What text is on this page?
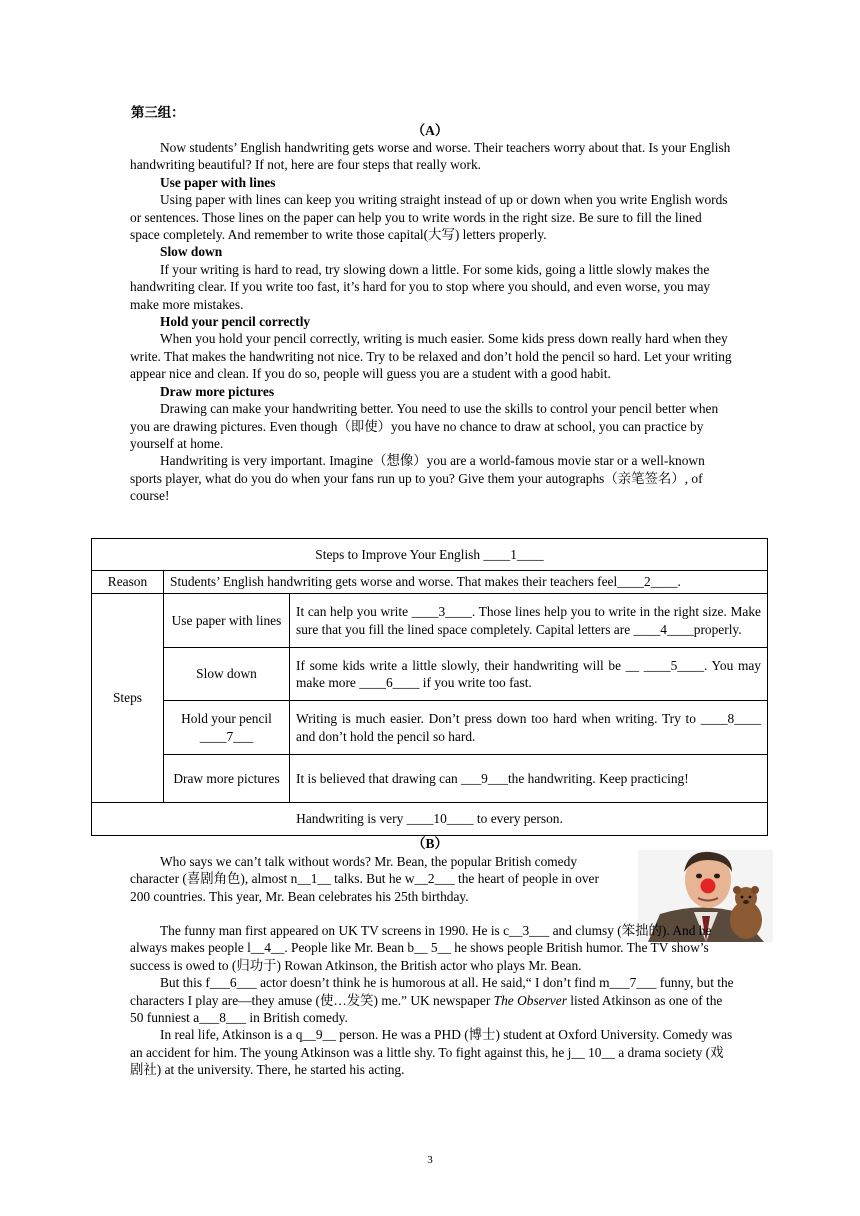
第三组：
（A）

Now students’ English handwriting gets worse and worse. Their teachers worry about that. Is your English handwriting beautiful? If not, here are four steps that really work.

Use paper with lines

Using paper with lines can keep you writing straight instead of up or down when you write English words or sentences. Those lines on the paper can help you to write words in the right size. Be sure to fill the lined space completely. And remember to write those capital(大写) letters properly.

Slow down

If your writing is hard to read, try slowing down a little. For some kids, going a little slowly makes the handwriting clear. If you write too fast, it’s hard for you to stop where you should, and even worse, you may make more mistakes.

Hold your pencil correctly

When you hold your pencil correctly, writing is much easier. Some kids press down really hard when they write. That makes the handwriting not nice. Try to be relaxed and don’t hold the pencil so hard. Let your writing appear nice and clean. If you do so, people will guess you are a student with a good habit.

Draw more pictures

Drawing can make your handwriting better. You need to use the skills to control your pencil better when you are drawing pictures. Even though（即使）you have no chance to draw at school, you can practice by yourself at home.

Handwriting is very important. Imagine（想像）you are a world-famous movie star or a well-known sports player, what do you do when your fans run up to you? Give them your autographs（亲笔签名）, of course!

Steps to Improve Your English ____1____		
Reason	Students’ English handwriting gets worse and worse. That makes their teachers feel____2____.	
Steps	Use paper with lines	It can help you write ____3____. Those lines help you to write in the right size. Make sure that you fill the lined space completely. Capital letters are ____4____properly.
	Slow down	If some kids write a little slowly, their handwriting will be __ ____5____. You may make more ____6____ if you write too fast.
	Hold your pencil ____7___	Writing is much easier. Don’t press down too hard when writing. Try to ____8____ and don’t hold the pencil so hard.
	Draw more pictures	It is believed that drawing can ___9___the handwriting. Keep practicing!
Handwriting is very ____10____ to every person.		
（B）

Who says we can’t talk without words? Mr. Bean, the popular British comedy character (喜剧角色), almost n__1__ talks. But he w__2___ the heart of people in over 200 countries. This year, Mr. Bean celebrates his 25th birthday.

The funny man first appeared on UK TV screens in 1990. He is c__3___ and clumsy (笨拙的). And he always makes people l__4__. People like Mr. Bean b__ 5__ he shows people British humor. The TV show’s success is owed to (归功于) Rowan Atkinson, the British actor who plays Mr. Bean.

But this f___6___ actor doesn’t think he is humorous at all. He said,“ I don’t find m___7___ funny, but the characters I play are—they amuse (使…发笑) me.” UK newspaper The Observer listed Atkinson as one of the 50 funniest a___8___ in British comedy.

In real life, Atkinson is a q__9__ person. He was a PHD (博士) student at Oxford University. Comedy was an accident for him. The young Atkinson was a little shy. To fight against this, he j__ 10__ a drama society (戏剧社) at the university. There, he started his acting.

3
